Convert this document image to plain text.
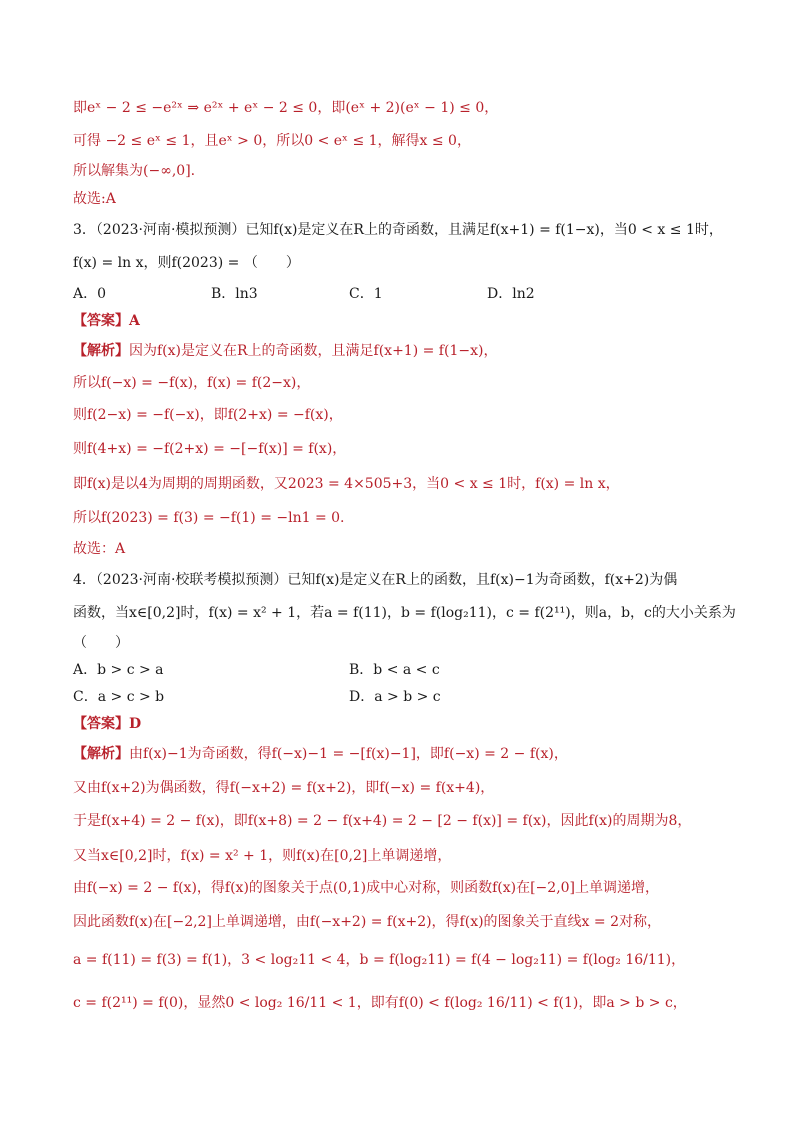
即eˣ − 2 ≤ −e²ˣ ⇒ e²ˣ + eˣ − 2 ≤ 0，即(eˣ + 2)(eˣ − 1) ≤ 0，
可得 −2 ≤ eˣ ≤ 1，且eˣ > 0，所以0 < eˣ ≤ 1，解得x ≤ 0，
所以解集为(−∞,0].
故选:A
3．（2023·河南·模拟预测）已知f(x)是定义在R上的奇函数，且满足f(x+1) = f(1−x)，当0 < x ≤ 1时，
f(x) = ln x，则f(2023) = （　　）
A．0	B．ln3	C．1	D．ln2
【答案】A
【解析】因为f(x)是定义在R上的奇函数，且满足f(x+1) = f(1−x)，
所以f(−x) = −f(x)，f(x) = f(2−x)，
则f(2−x) = −f(−x)，即f(2+x) = −f(x)，
则f(4+x) = −f(2+x) = −[−f(x)] = f(x)，
即f(x)是以4为周期的周期函数，又2023 = 4×505+3，当0 < x ≤ 1时，f(x) = ln x，
所以f(2023) = f(3) = −f(1) = −ln1 = 0.
故选：A
4．（2023·河南·校联考模拟预测）已知f(x)是定义在R上的函数，且f(x)−1为奇函数，f(x+2)为偶
函数，当x∈[0,2]时，f(x) = x² + 1，若a = f(11)，b = f(log₂11)，c = f(2¹¹)，则a，b，c的大小关系为
（　　）
A．b > c > a	B．b < a < c
C．a > c > b	D．a > b > c
【答案】D
【解析】由f(x)−1为奇函数，得f(−x)−1 = −[f(x)−1]，即f(−x) = 2 − f(x)，
又由f(x+2)为偶函数，得f(−x+2) = f(x+2)，即f(−x) = f(x+4)，
于是f(x+4) = 2 − f(x)，即f(x+8) = 2 − f(x+4) = 2 − [2 − f(x)] = f(x)，因此f(x)的周期为8，
又当x∈[0,2]时，f(x) = x² + 1，则f(x)在[0,2]上单调递增，
由f(−x) = 2 − f(x)，得f(x)的图象关于点(0,1)成中心对称，则函数f(x)在[−2,0]上单调递增，
因此函数f(x)在[−2,2]上单调递增，由f(−x+2) = f(x+2)，得f(x)的图象关于直线x = 2对称，
a = f(11) = f(3) = f(1)，3 < log₂11 < 4，b = f(log₂11) = f(4 − log₂11) = f(log₂ 16/11)，
c = f(2¹¹) = f(0)，显然0 < log₂ 16/11 < 1，即有f(0) < f(log₂ 16/11) < f(1)，即a > b > c，
